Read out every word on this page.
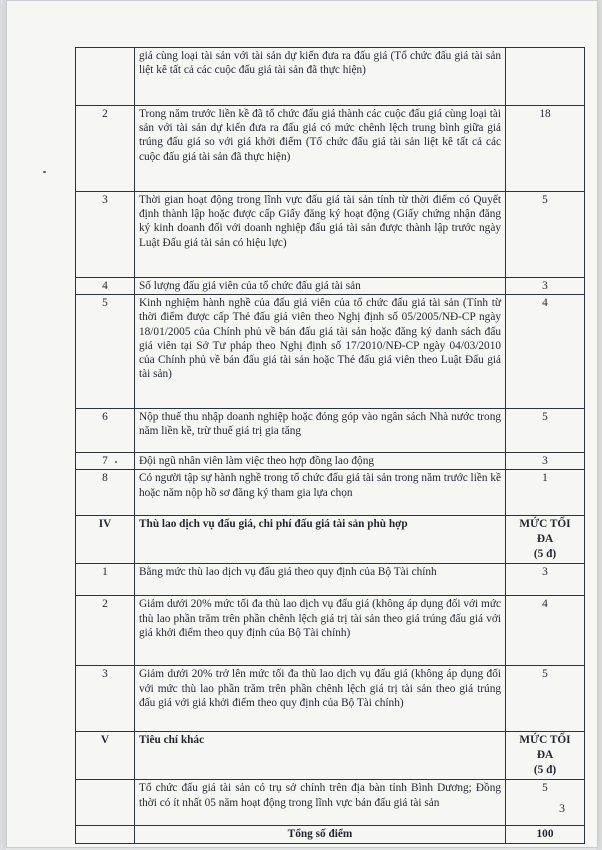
	giá cùng loại tài sản với tài sản dự kiến đưa ra đấu giá (Tổ chức đấu giá tài sản liệt kê tất cả các cuộc đấu giá tài sản đã thực hiện)	
2	Trong năm trước liền kề đã tổ chức đấu giá thành các cuộc đấu giá cùng loại tài sản với tài sản dự kiến đưa ra đấu giá có mức chênh lệch trung bình giữa giá trúng đấu giá so với giá khởi điểm (Tổ chức đấu giá tài sản liệt kê tất cả các cuộc đấu giá tài sản đã thực hiện)	18
3	Thời gian hoạt động trong lĩnh vực đấu giá tài sản tính từ thời điểm có Quyết định thành lập hoặc được cấp Giấy đăng ký hoạt động (Giấy chứng nhận đăng ký kinh doanh đối với doanh nghiệp đấu giá tài sản được thành lập trước ngày Luật Đấu giá tài sản có hiệu lực)	5
4	Số lượng đấu giá viên của tổ chức đấu giá tài sản	3
5	Kinh nghiệm hành nghề của đấu giá viên của tổ chức đấu giá tài sản (Tính từ thời điểm được cấp Thẻ đấu giá viên theo Nghị định số 05/2005/NĐ-CP ngày 18/01/2005 của Chính phủ về bán đấu giá tài sản hoặc đăng ký danh sách đấu giá viên tại Sở Tư pháp theo Nghị định số 17/2010/NĐ-CP ngày 04/03/2010 của Chính phủ về bán đấu giá tài sản hoặc Thẻ đấu giá viên theo Luật Đấu giá tài sản)	4
6	Nộp thuế thu nhập doanh nghiệp hoặc đóng góp vào ngân sách Nhà nước trong năm liền kề, trừ thuế giá trị gia tăng	5
7	Đội ngũ nhân viên làm việc theo hợp đồng lao động	3
8	Có người tập sự hành nghề trong tổ chức đấu giá tài sản trong năm trước liền kề hoặc năm nộp hồ sơ đăng ký tham gia lựa chọn	1
IV	Thù lao dịch vụ đấu giá, chi phí đấu giá tài sản phù hợp	MỨC TỐI ĐA
(5 đ)
1	Bằng mức thù lao dịch vụ đấu giá theo quy định của Bộ Tài chính	3
2	Giảm dưới 20% mức tối đa thù lao dịch vụ đấu giá (không áp dụng đối với mức thù lao phần trăm trên phần chênh lệch giá trị tài sản theo giá trúng đấu giá với giá khởi điểm theo quy định của Bộ Tài chính)	4
3	Giảm dưới 20% trở lên mức tối đa thù lao dịch vụ đấu giá (không áp dụng đối với mức thù lao phần trăm trên phần chênh lệch giá trị tài sản theo giá trúng đấu giá với giá khởi điểm theo quy định của Bộ Tài chính)	5
V	Tiêu chí khác	MỨC TỐI ĐA
(5 đ)
	Tổ chức đấu giá tài sản có trụ sở chính trên địa bàn tỉnh Bình Dương; Đồng thời có ít nhất 05 năm hoạt động trong lĩnh vực bán đấu giá tài sản	5
	Tổng số điểm	100
3
